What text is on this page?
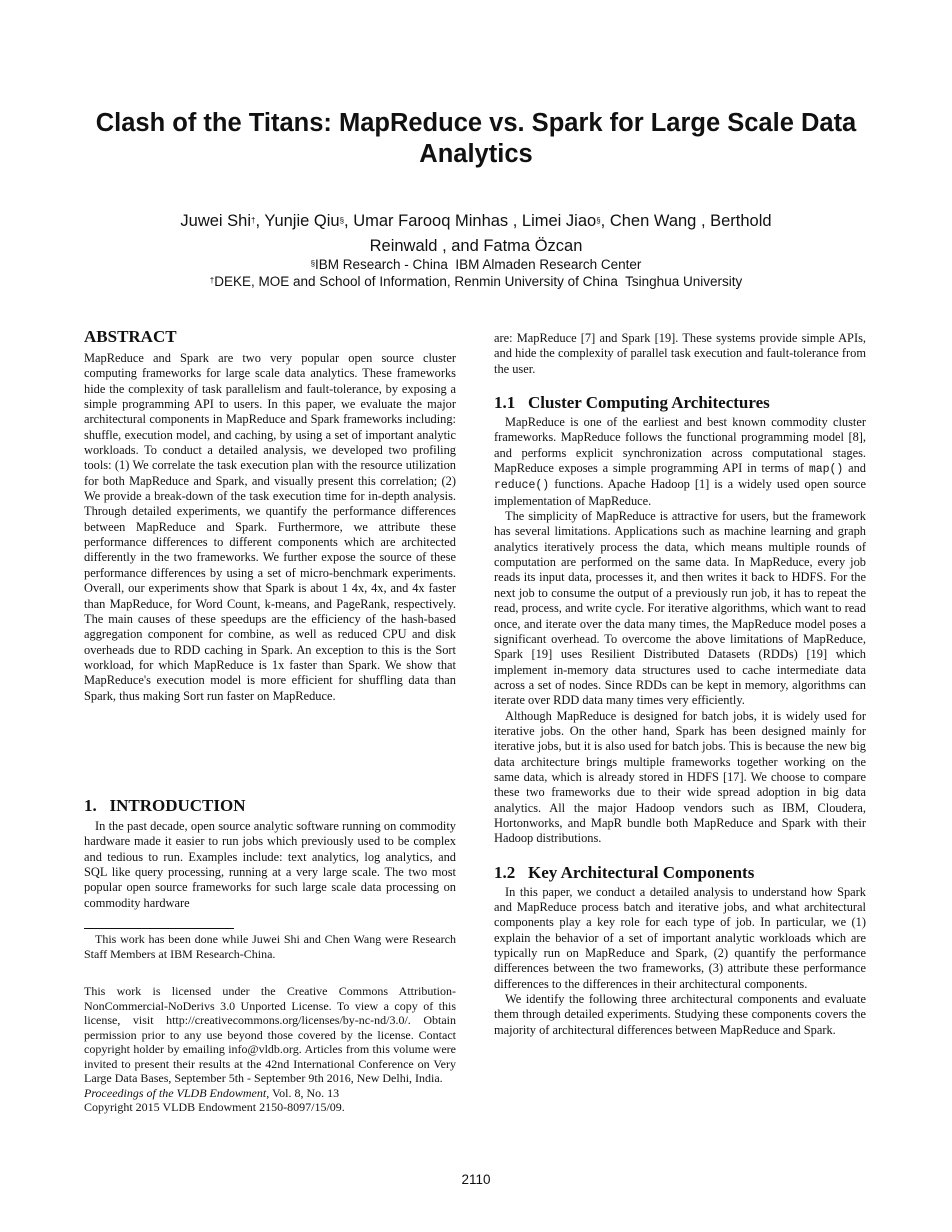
Clash of the Titans: MapReduce vs. Spark for Large Scale Data Analytics
Juwei Shi†, Yunjie Qiu§, Umar Farooq Minhas , Limei Jiao§, Chen Wang , Berthold
Reinwald , and Fatma Özcan
§IBM Research - China  IBM Almaden Research Center
†DEKE, MOE and School of Information, Renmin University of China  Tsinghua University
ABSTRACT

MapReduce and Spark are two very popular open source cluster computing frameworks for large scale data analytics. These frameworks hide the complexity of task parallelism and fault-tolerance, by exposing a simple programming API to users. In this paper, we evaluate the major architectural components in MapReduce and Spark frameworks including: shuffle, execution model, and caching, by using a set of important analytic workloads. To conduct a detailed analysis, we developed two profiling tools: (1) We correlate the task execution plan with the resource utilization for both MapReduce and Spark, and visually present this correlation; (2) We provide a break-down of the task execution time for in-depth analysis. Through detailed experiments, we quantify the performance differences between MapReduce and Spark. Furthermore, we attribute these performance differences to different components which are architected differently in the two frameworks. We further expose the source of these performance differences by using a set of micro-benchmark experiments. Overall, our experiments show that Spark is about 1 4x, 4x, and 4x faster than MapReduce, for Word Count, k-means, and PageRank, respectively. The main causes of these speedups are the efficiency of the hash-based aggregation component for combine, as well as reduced CPU and disk overheads due to RDD caching in Spark. An exception to this is the Sort workload, for which MapReduce is 1x faster than Spark. We show that MapReduce's execution model is more efficient for shuffling data than Spark, thus making Sort run faster on MapReduce.

1.   INTRODUCTION

In the past decade, open source analytic software running on commodity hardware made it easier to run jobs which previously used to be complex and tedious to run. Examples include: text analytics, log analytics, and SQL like query processing, running at a very large scale. The two most popular open source frameworks for such large scale data processing on commodity hardware

This work has been done while Juwei Shi and Chen Wang were Research Staff Members at IBM Research-China.

This work is licensed under the Creative Commons Attribution-NonCommercial-NoDerivs 3.0 Unported License. To view a copy of this license, visit http://creativecommons.org/licenses/by-nc-nd/3.0/. Obtain permission prior to any use beyond those covered by the license. Contact copyright holder by emailing info@vldb.org. Articles from this volume were invited to present their results at the 42nd International Conference on Very Large Data Bases, September 5th - September 9th 2016, New Delhi, India.

Proceedings of the VLDB Endowment, Vol. 8, No. 13

Copyright 2015 VLDB Endowment 2150-8097/15/09.

are: MapReduce [7] and Spark [19]. These systems provide simple APIs, and hide the complexity of parallel task execution and fault-tolerance from the user.

1.1   Cluster Computing Architectures

MapReduce is one of the earliest and best known commodity cluster frameworks. MapReduce follows the functional programming model [8], and performs explicit synchronization across computational stages. MapReduce exposes a simple programming API in terms of map() and reduce() functions. Apache Hadoop [1] is a widely used open source implementation of MapReduce.

The simplicity of MapReduce is attractive for users, but the framework has several limitations. Applications such as machine learning and graph analytics iteratively process the data, which means multiple rounds of computation are performed on the same data. In MapReduce, every job reads its input data, processes it, and then writes it back to HDFS. For the next job to consume the output of a previously run job, it has to repeat the read, process, and write cycle. For iterative algorithms, which want to read once, and iterate over the data many times, the MapReduce model poses a significant overhead. To overcome the above limitations of MapReduce, Spark [19] uses Resilient Distributed Datasets (RDDs) [19] which implement in-memory data structures used to cache intermediate data across a set of nodes. Since RDDs can be kept in memory, algorithms can iterate over RDD data many times very efficiently.

Although MapReduce is designed for batch jobs, it is widely used for iterative jobs. On the other hand, Spark has been designed mainly for iterative jobs, but it is also used for batch jobs. This is because the new big data architecture brings multiple frameworks together working on the same data, which is already stored in HDFS [17]. We choose to compare these two frameworks due to their wide spread adoption in big data analytics. All the major Hadoop vendors such as IBM, Cloudera, Hortonworks, and MapR bundle both MapReduce and Spark with their Hadoop distributions.

1.2   Key Architectural Components

In this paper, we conduct a detailed analysis to understand how Spark and MapReduce process batch and iterative jobs, and what architectural components play a key role for each type of job. In particular, we (1) explain the behavior of a set of important analytic workloads which are typically run on MapReduce and Spark, (2) quantify the performance differences between the two frameworks, (3) attribute these performance differences to the differences in their architectural components.

We identify the following three architectural components and evaluate them through detailed experiments. Studying these components covers the majority of architectural differences between MapReduce and Spark.

2110
